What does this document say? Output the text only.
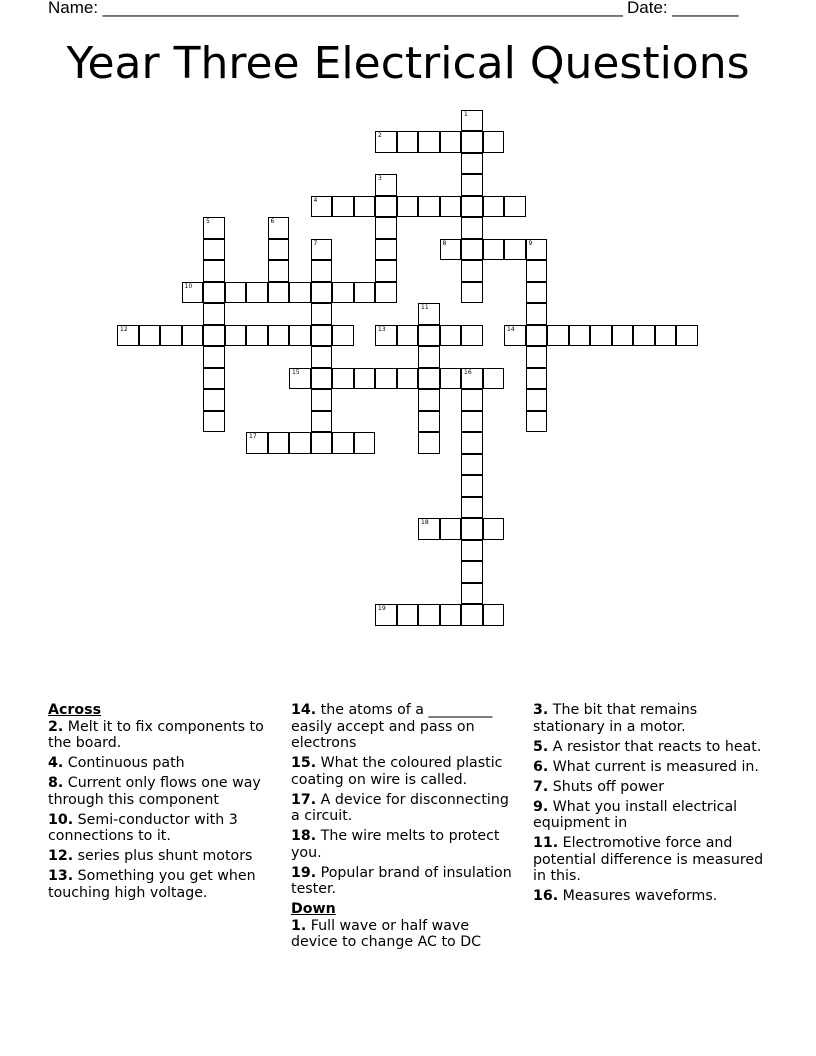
Name: _______________________________________________________ Date: _______
Year Three Electrical Questions
1
2
3
4
5	6
7	8	9
10
11
12	13	14
15	16
17
18
19
Across
2. Melt it to fix components to the board.
4. Continuous path
8. Current only flows one way through this component
10. Semi-conductor with 3 connections to it.
12. series plus shunt motors
13. Something you get when touching high voltage.
14. the atoms of a _________ easily accept and pass on electrons
15. What the coloured plastic coating on wire is called.
17. A device for disconnecting a circuit.
18. The wire melts to protect you.
19. Popular brand of insulation tester.
Down
1. Full wave or half wave device to change AC to DC
3. The bit that remains stationary in a motor.
5. A resistor that reacts to heat.
6. What current is measured in.
7. Shuts off power
9. What you install electrical equipment in
11. Electromotive force and potential difference is measured in this.
16. Measures waveforms.
